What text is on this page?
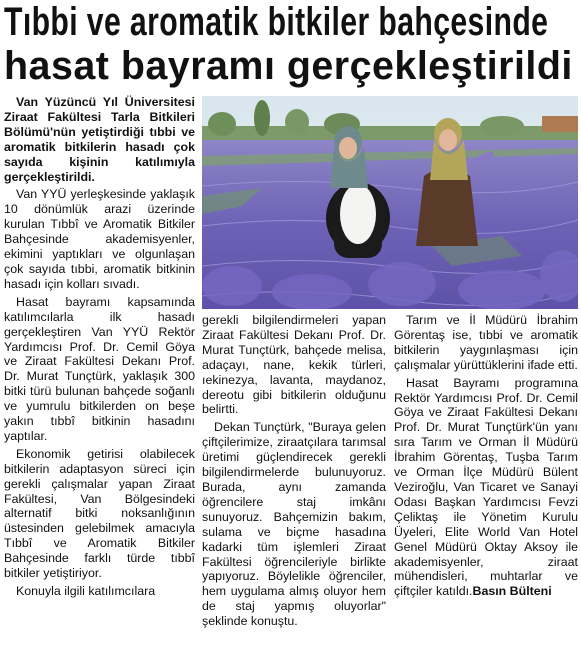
Tıbbi ve aromatik bitkiler bahçesinde
hasat bayramı gerçekleştirildi

Van Yüzüncü Yıl Üniversitesi Ziraat Fakültesi Tarla Bitkileri Bölümü'nün yetiştirdiği tıbbi ve aromatik bitkilerin hasadı çok sayıda kişinin katılımıyla gerçekleştirildi.

Van YYÜ yerleşkesinde yaklaşık 10 dönümlük arazi üzerinde kurulan Tıbbî ve Aromatik Bitkiler Bahçesinde akademisyenler, ekimini yaptıkları ve olgunlaşan çok sayıda tıbbi, aromatik bitkinin hasadı için kolları sıvadı.

Hasat bayramı kapsamında katılımcılarla ilk hasadı gerçekleştiren Van YYÜ Rektör Yardımcısı Prof. Dr. Cemil Göya ve Ziraat Fakültesi Dekanı Prof. Dr. Murat Tunçtürk, yaklaşık 300 bitki türü bulunan bahçede soğanlı ve yumrulu bitkilerden on beşe yakın tıbbî bitkinin hasadını yaptılar.

Ekonomik getirisi olabilecek bitkilerin adaptasyon süreci için gerekli çalışmalar yapan Ziraat Fakültesi, Van Bölgesindeki alternatif bitki noksanlığının üstesinden gelebilmek amacıyla Tıbbî ve Aromatik Bitkiler Bahçesinde farklı türde tıbbî bitkiler yetiştiriyor.

Konuyla ilgili katılımcılara

gerekli bilgilendirmeleri yapan Ziraat Fakültesi Dekanı Prof. Dr. Murat Tunçtürk, bahçede melisa, adaçayı, nane, kekik türleri, ıekinezya, lavanta, maydanoz, dereotu gibi bitkilerin olduğunu belirtti.

Dekan Tunçtürk, "Buraya gelen çiftçilerimize, ziraatçılara tarımsal üretimi güçlendirecek gerekli bilgilendirmelerde bulunuyoruz. Burada, aynı zamanda öğrencilere staj imkânı sunuyoruz. Bahçemizin bakım, sulama ve biçme hasadına kadarki tüm işlemleri Ziraat Fakültesi öğrencileriyle birlikte yapıyoruz. Böylelikle öğrenciler, hem uygulama almış oluyor hem de staj yapmış oluyorlar" şeklinde konuştu.

Tarım ve İl Müdürü İbrahim Görentaş ise, tıbbi ve aromatik bitkilerin yaygınlaşması için çalışmalar yürüttüklerini ifade etti.

Hasat Bayramı programına Rektör Yardımcısı Prof. Dr. Cemil Göya ve Ziraat Fakültesi Dekanı Prof. Dr. Murat Tunçtürk'ün yanı sıra Tarım ve Orman İl Müdürü İbrahim Görentaş, Tuşba Tarım ve Orman İlçe Müdürü Bülent Veziroğlu, Van Ticaret ve Sanayi Odası Başkan Yardımcısı Fevzi Çeliktaş ile Yönetim Kurulu Üyeleri, Elite World Van Hotel Genel Müdürü Oktay Aksoy ile akademisyenler, ziraat mühendisleri, muhtarlar ve çiftçiler katıldı.Basın Bülteni
